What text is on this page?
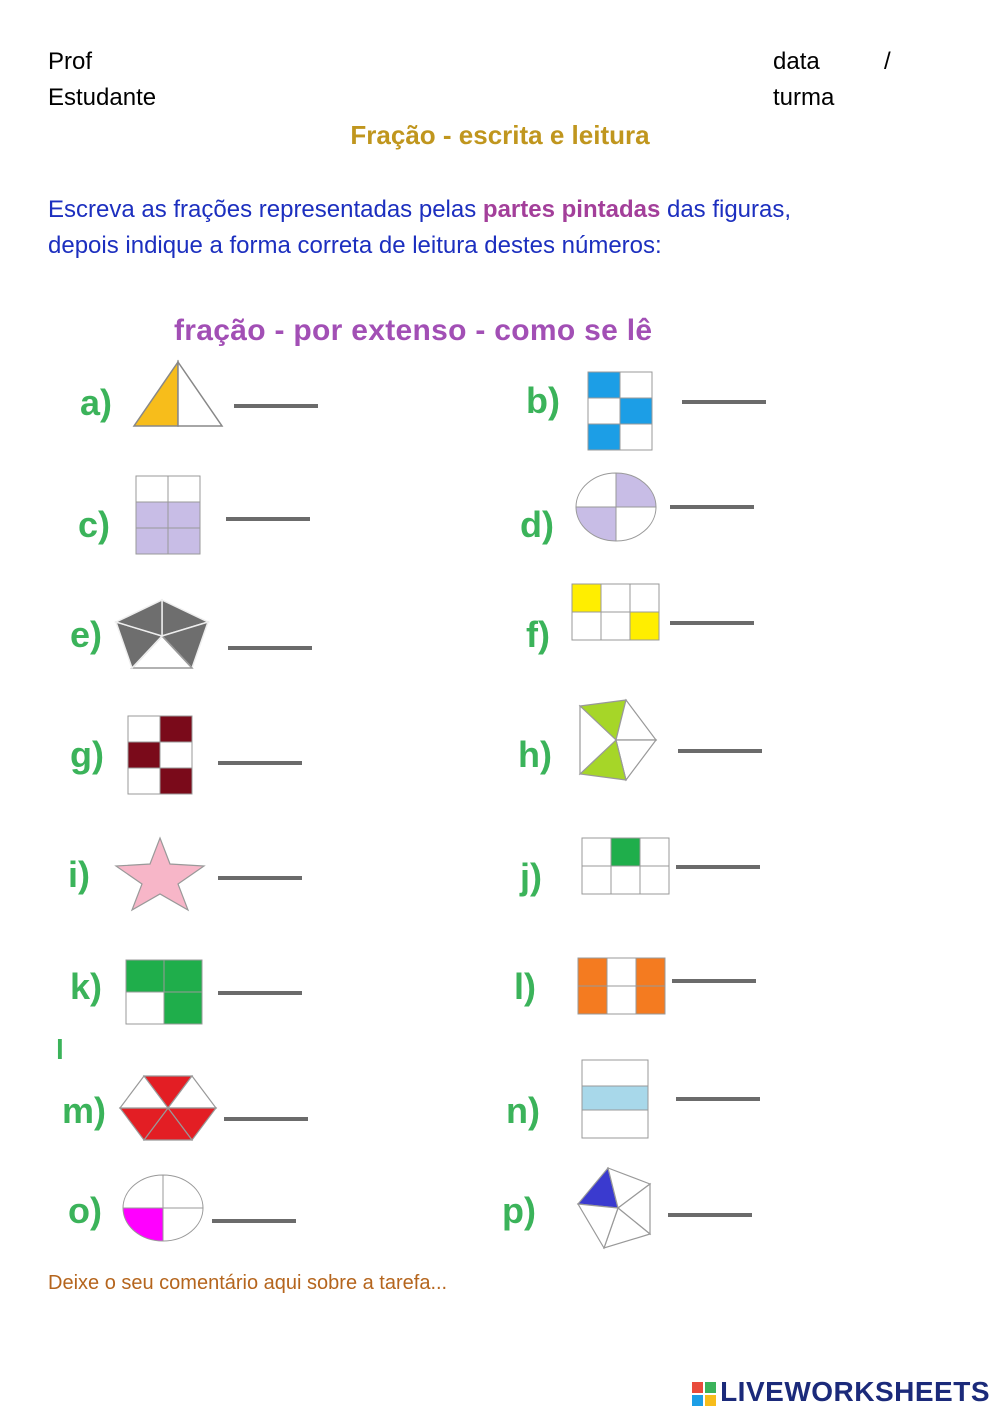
Prof
Estudante
data	/
turma
Fração - escrita e leitura
Escreva as frações representadas pelas partes pintadas das figuras,
depois indique a forma correta de leitura destes números:
fração - por extenso - como se lê
a)	b)
c)	d)
e)	f)
g)	h)
i)	j)
k)	l)
l
m)	n)
o)	p)
Deixe o seu comentário aqui sobre a tarefa...
LIVEWORKSHEETS
